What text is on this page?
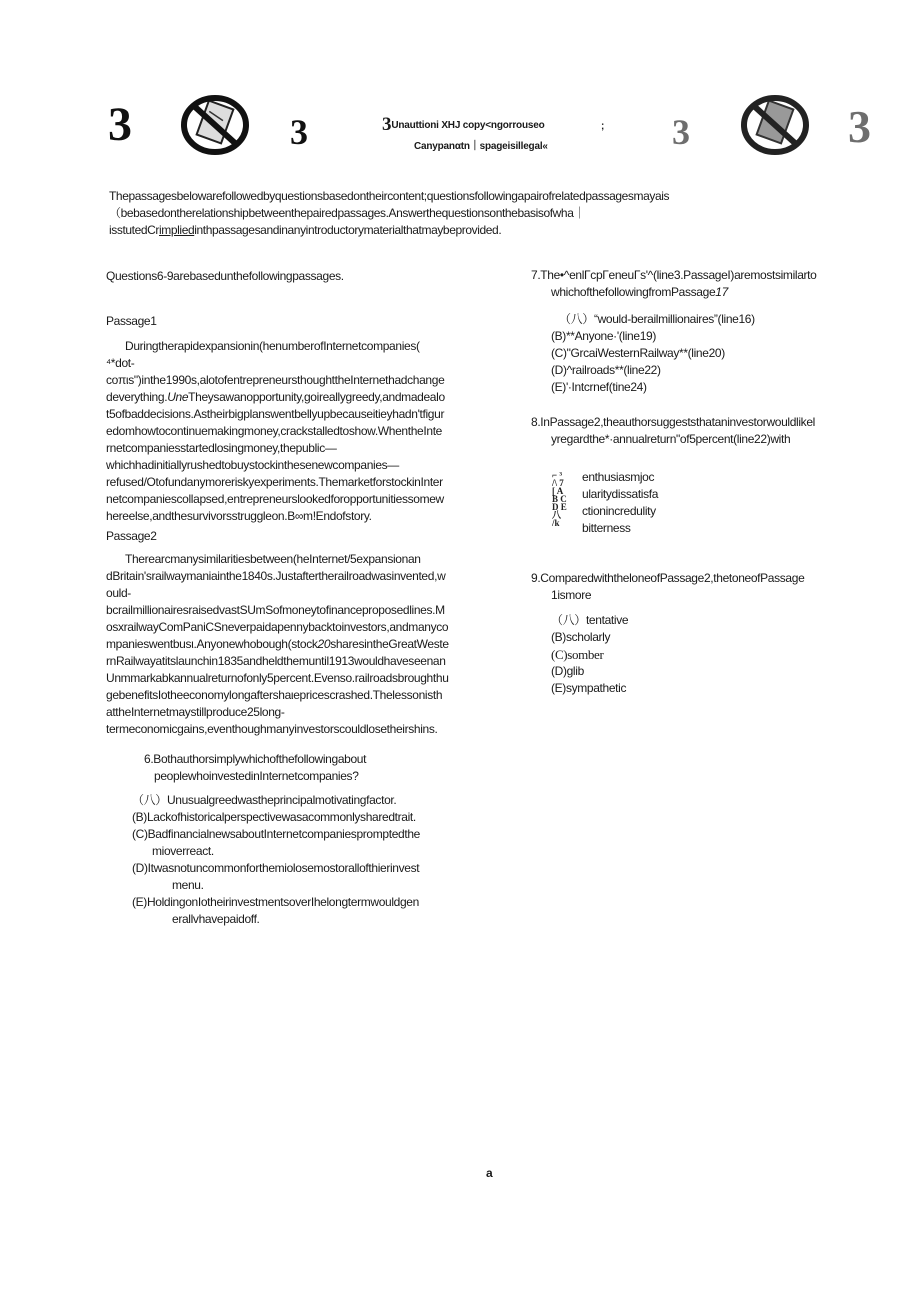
3	3	3Unauttioni XHJ copy<ngorrouseo
Canypanαtn｜spageisillegal«
; 3	3
Thepassagesbelowarefollowedbyquestionsbasedontheircontent;questionsfollowingapairofrelatedpassagesmayais（bebasedontherelationshipbetweenthepairedpassages.Answerthequestionsonthebasisofwha｜isstutedCrimpliedinthpassagesandinanyintroductorymaterialthatmaybeprovided.
Questions6-9arebasedunthefollowingpassages.
Passage1

Duringtherapidexpansionin(henumberofInternetcompanies(

⁴*dot-

coπιs")inthe1990s,alotofentrepreneursthoughttheInternethadchange

deverything.UneTheysawanopportunity,goireallygreedy,andmadealo

t5ofbaddecisions.Astheirbigplanswentbellyupbecauseitieyhadn'tfigur

edomhowtocontinuemakingmoney,crackstalledtoshow.WhentheInte

rnetcompaniesstartedlosingmoney,thepublic—

whichhadinitiallyrushedtobuystockinthesenewcompanies—

refused/Otofundanymoreriskyexperiments.ThemarketforstockinInter

netcompaniescollapsed,entrepreneurslookedforopportunitiessomew

hereelse,andthesurvivorsstruggleon.B∞m!Endofstory.

Passage2

Therearcmanysimilaritiesbetween(heInternet/5expansionan

dBritain'srailwaymaniainthe1840s.Justaftertherailroadwasinvented,w

ould-

bcrailmillionairesraisedvastSUmSofmoneytofinanceproposedlines.M

osxrailwayComPaniCSneverpaidapennybacktoinvestors,andmanyco

mpanieswentbusι.Anyonewhobough(stock20sharesintheGreatWeste

rnRailwayatitslaunchin1835andheldthemuntil1913wouldhaveseenan

Unmmarkabkannualreturnofonly5percent.Evenso.railroadsbroughthu

gebenefitsIotheeconomylongaftershaιepricescrashed.Thelessonisth

attheInternetmaystillproduce25long-

termeconomicgains,eventhoughmanyinvestorscouldlosetheirshins.

6.Bothauthorsimplywhichofthefollowingabout

peoplewhoinvestedinInternetcompanies?

（八）Unusualgreedwastheprincipalmotivatingfactor.

(B)Lackofhistoricalperspectivewasacommonlysharedtrait.

(C)BadfinancialnewsaboutInternetcompaniespromptedthe

mioverreact.

(D)Itwasnotuncommonforthemiolosemostorallofthierinvest

menu.

(E)HoldingonIotheirinvestmentsoverIhelongtermwouldgen

erallvhavepaidoff.

7.The•^enlΓcpΓeneuΓs'^(line3.PassageI)aremostsimilarto

whichofthefollowingfromPassage17

（八）“would-berailmillionaires”(line16)

(B)**Anyone·'(line19)

(C)"GrcaiWesternRailway**(line20)

(D)^railroads**(line22)

(E)'·Intcrnef(tine24)

8.InPassage2,theauthorsuggeststhataninvestorwouldlikel

yregardthe*·annualreturn"of5percent(line22)with

⌐ ³
/\ 7
[ A
B C
D E
八
/k

enthusiasmjoc

ularitydissatisfa

ctionincredulity

bitterness

9.ComparedwiththeloneofPassage2,thetoneofPassage

1ismore

（八）tentative

(B)scholarly

(C)somber

(D)glib

(E)sympathetic

a
